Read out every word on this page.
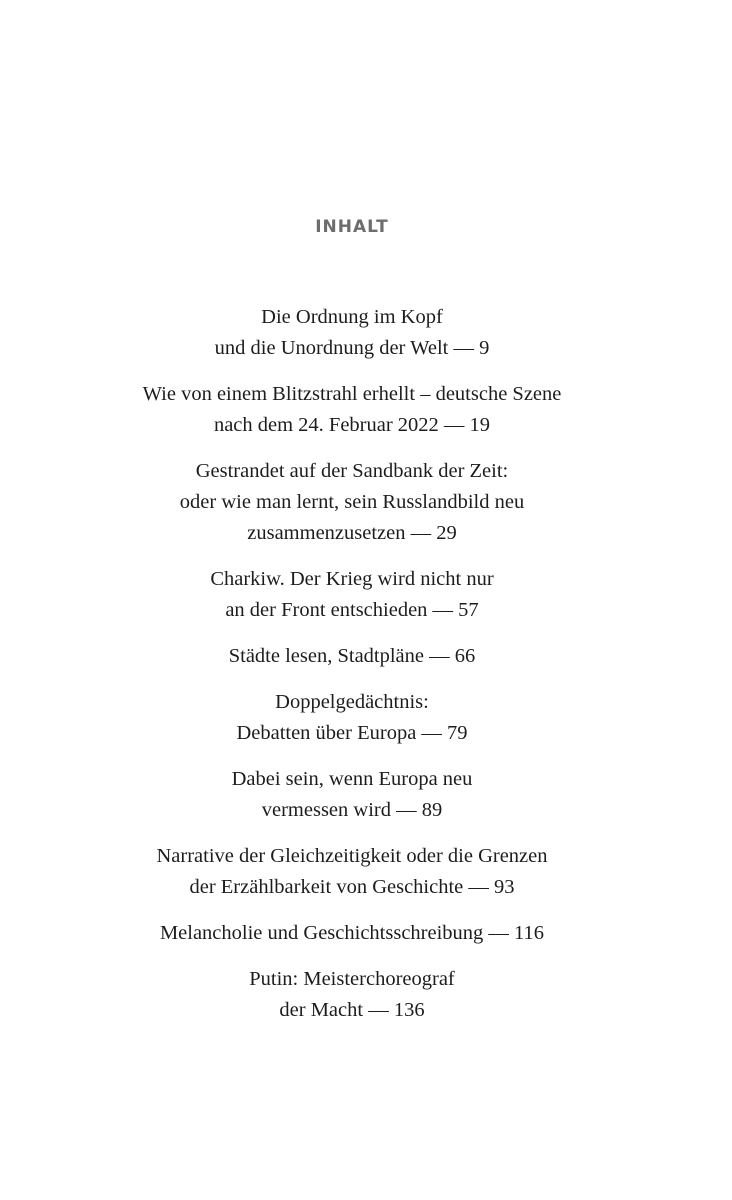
INHALT
Die Ordnung im Kopf
und die Unordnung der Welt — 9
Wie von einem Blitzstrahl erhellt – deutsche Szene
nach dem 24. Februar 2022 — 19
Gestrandet auf der Sandbank der Zeit:
oder wie man lernt, sein Russlandbild neu
zusammenzusetzen — 29
Charkiw. Der Krieg wird nicht nur
an der Front entschieden — 57
Städte lesen, Stadtpläne — 66
Doppelgedächtnis:
Debatten über Europa — 79
Dabei sein, wenn Europa neu
vermessen wird — 89
Narrative der Gleichzeitigkeit oder die Grenzen
der Erzählbarkeit von Geschichte — 93
Melancholie und Geschichtsschreibung — 116
Putin: Meisterchoreograf
der Macht — 136
